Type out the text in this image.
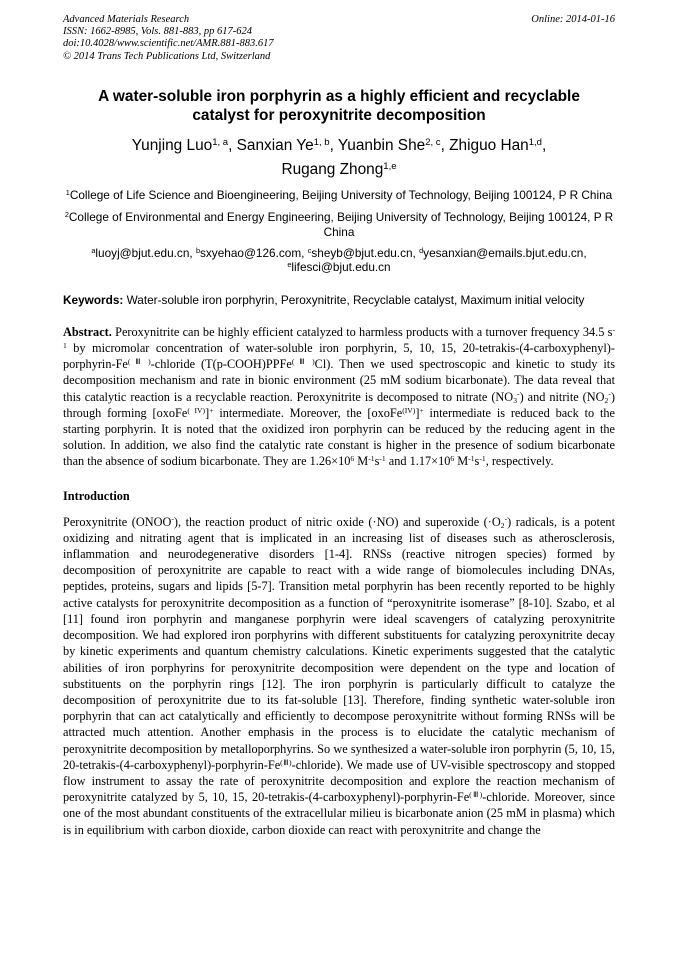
Advanced Materials Research
ISSN: 1662-8985, Vols. 881-883, pp 617-624
doi:10.4028/www.scientific.net/AMR.881-883.617
© 2014 Trans Tech Publications Ltd, Switzerland
Online: 2014-01-16
A water-soluble iron porphyrin as a highly efficient and recyclable
catalyst for peroxynitrite decomposition
Yunjing Luo$^{1, a}$, Sanxian Ye$^{1, b}$, Yuanbin She$^{2, c}$, Zhiguo Han$^{1,d}$,
Rugang Zhong$^{1,e}$
$^1$College of Life Science and Bioengineering, Beijing University of Technology, Beijing 100124, P R China
$^2$College of Environmental and Energy Engineering, Beijing University of Technology, Beijing 100124, P R China
$^a$luoyj@bjut.edu.cn, $^b$sxyehao@126.com, $^c$sheyb@bjut.edu.cn, $^d$yesanxian@emails.bjut.edu.cn,
$^e$lifesci@bjut.edu.cn
Keywords: Water-soluble iron porphyrin, Peroxynitrite, Recyclable catalyst, Maximum initial velocity
Abstract. Peroxynitrite can be highly efficient catalyzed to harmless products with a turnover frequency 34.5 $s^{-1}$ by micromolar concentration of water-soluble iron porphyrin, 5, 10, 15, $20-tetrakis-(4-carboxyphenyl)-porphyrin-Fe^{( Ⅲ )}$-chloride (T(p-COOH)PPFe$^{( Ⅲ )}$Cl). Then we used spectroscopic and kinetic to study its decomposition mechanism and rate in bionic environment (25 mM sodium bicarbonate). The data reveal that this catalytic reaction is a recyclable reaction. Peroxynitrite is decomposed to nitrate $(NO_3^-)$ and nitrite $(NO_2^-)$ through forming [oxoFe$^{( IV)}$]+ intermediate. Moreover, the [oxoFe$^{(IV)}$]+ intermediate is reduced back to the starting porphyrin. It is noted that the oxidized iron porphyrin can be reduced by the reducing agent in the solution. In addition, we also find the catalytic rate constant is higher in the presence of sodium bicarbonate than the absence of sodium bicarbonate. They are $1.26\times 10^6$ $M^{-1}s^{-1}$ and $1.17\times 10^6$ $M^{-1}s^{-1}$, respectively.
Introduction
Peroxynitrite (ONOO-), the reaction product of nitric oxide (·NO) and superoxide $(\cdot O_2^-)$ radicals, is a potent oxidizing and nitrating agent that is implicated in an increasing list of diseases such as atherosclerosis, inflammation and neurodegenerative disorders [1-4]. RNSs (reactive nitrogen species) formed by decomposition of peroxynitrite are capable to react with a wide range of biomolecules including DNAs, peptides, proteins, sugars and lipids [5-7]. Transition metal porphyrin has been recently reported to be highly active catalysts for peroxynitrite decomposition as a function of “peroxynitrite isomerase” [8-10]. Szabo, et al [11] found iron porphyrin and manganese porphyrin were ideal scavengers of catalyzing peroxynitrite decomposition. We had explored iron porphyrins with different substituents for catalyzing peroxynitrite decay by kinetic experiments and quantum chemistry calculations. Kinetic experiments suggested that the catalytic abilities of iron porphyrins for peroxynitrite decomposition were dependent on the type and location of substituents on the porphyrin rings [12]. The iron porphyrin is particularly difficult to catalyze the decomposition of peroxynitrite due to its fat-soluble [13]. Therefore, finding synthetic water-soluble iron porphyrin that can act catalytically and efficiently to decompose peroxynitrite without forming RNSs will be attracted much attention. Another emphasis in the process is to elucidate the catalytic mechanism of peroxynitrite decomposition by metalloporphyrins. So we synthesized a water-soluble iron porphyrin (5, 10, 15, $20-tetrakis-(4-carboxyphenyl)-porphyrin-Fe^{(Ⅲ)}-chloride$). We made use of UV-visible spectroscopy and stopped flow instrument to assay the rate of peroxynitrite decomposition and explore the reaction mechanism of peroxynitrite catalyzed by 5, 10, 15, $20-tetrakis-(4-carboxyphenyl)-porphyrin-Fe^{(Ⅲ)}$-chloride. Moreover, since one of the most abundant constituents of the extracellular milieu is bicarbonate anion (25 mM in plasma) which is in equilibrium with carbon dioxide, carbon dioxide can react with peroxynitrite and change the
